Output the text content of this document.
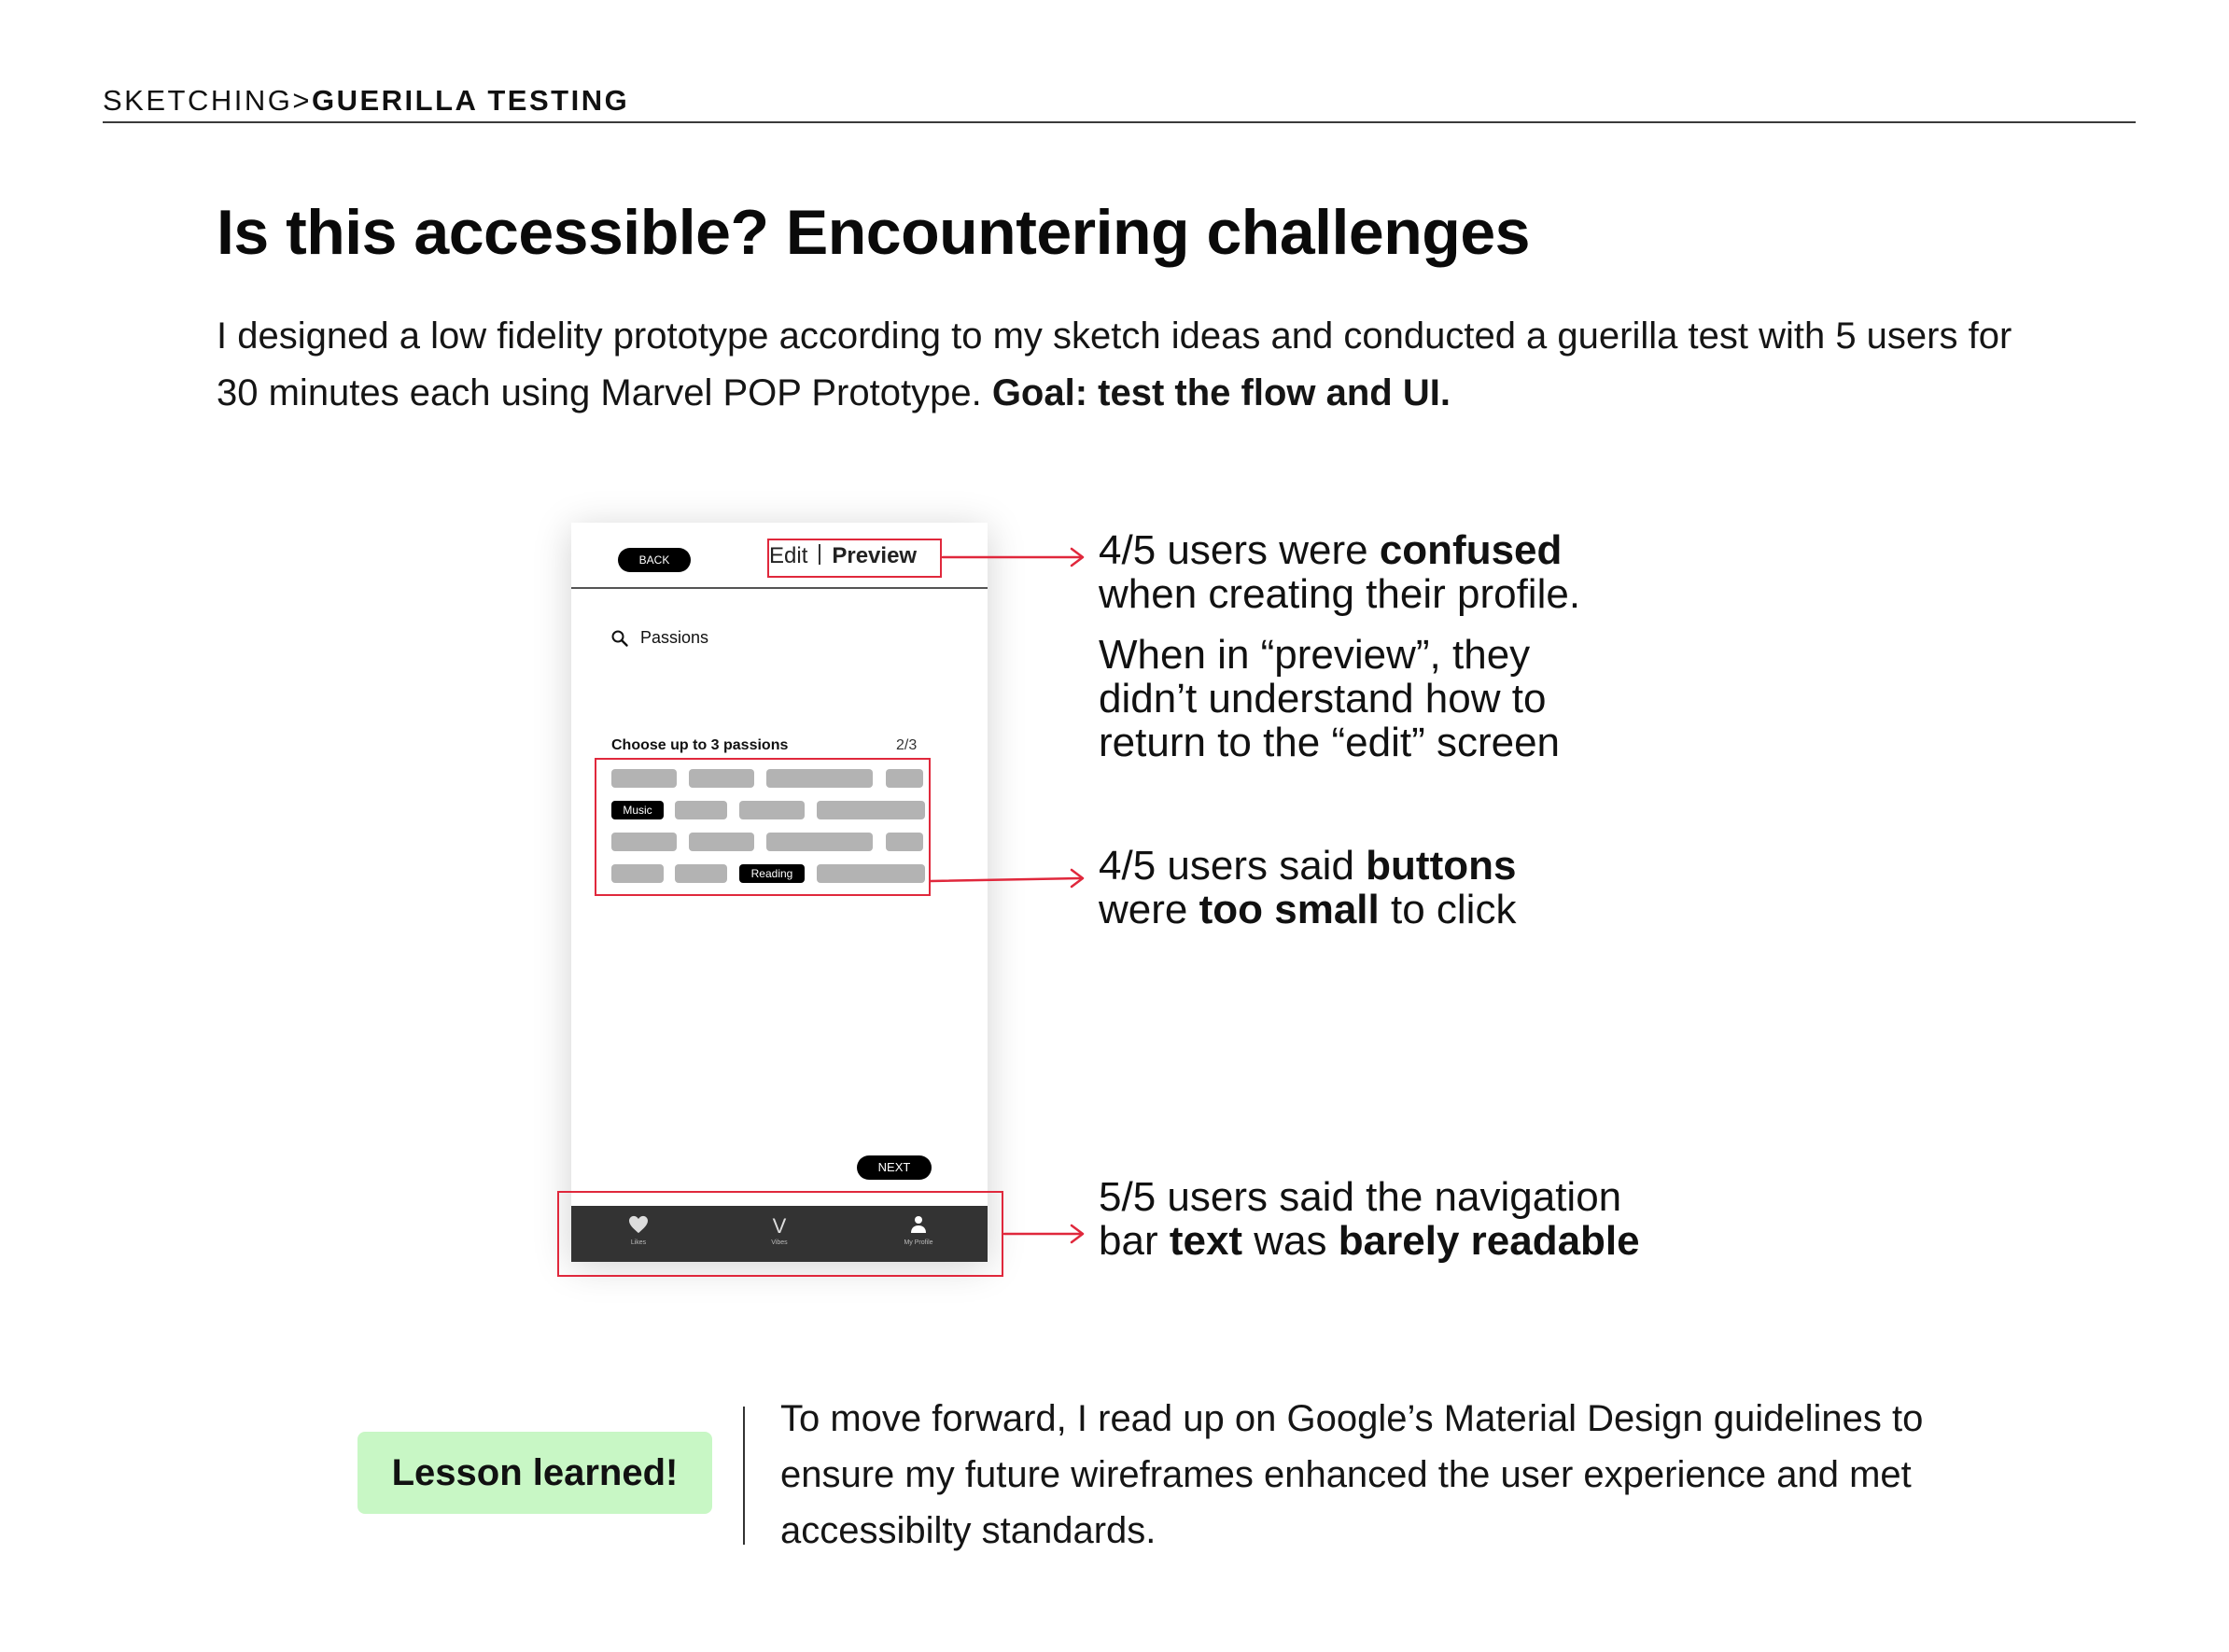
SKETCHING>GUERILLA TESTING
Is this accessible? Encountering challenges

I designed a low fidelity prototype according to my sketch ideas and conducted a guerilla test with 5 users for 30 minutes each using Marvel POP Prototype. Goal: test the flow and UI.

BACK	Edit Preview
Passions
Choose up to 3 passions	2/3
Music
Reading
NEXT
Likes
V
Vibes	My Profile
4/5 users were confused
when creating their profile.
When in “preview”, they
didn’t understand how to
return to the “edit” screen
4/5 users said buttons
were too small to click
5/5 users said the navigation
bar text was barely readable
Lesson learned!

To move forward, I read up on Google’s Material Design guidelines to ensure my future wireframes enhanced the user experience and met accessibilty standards.
